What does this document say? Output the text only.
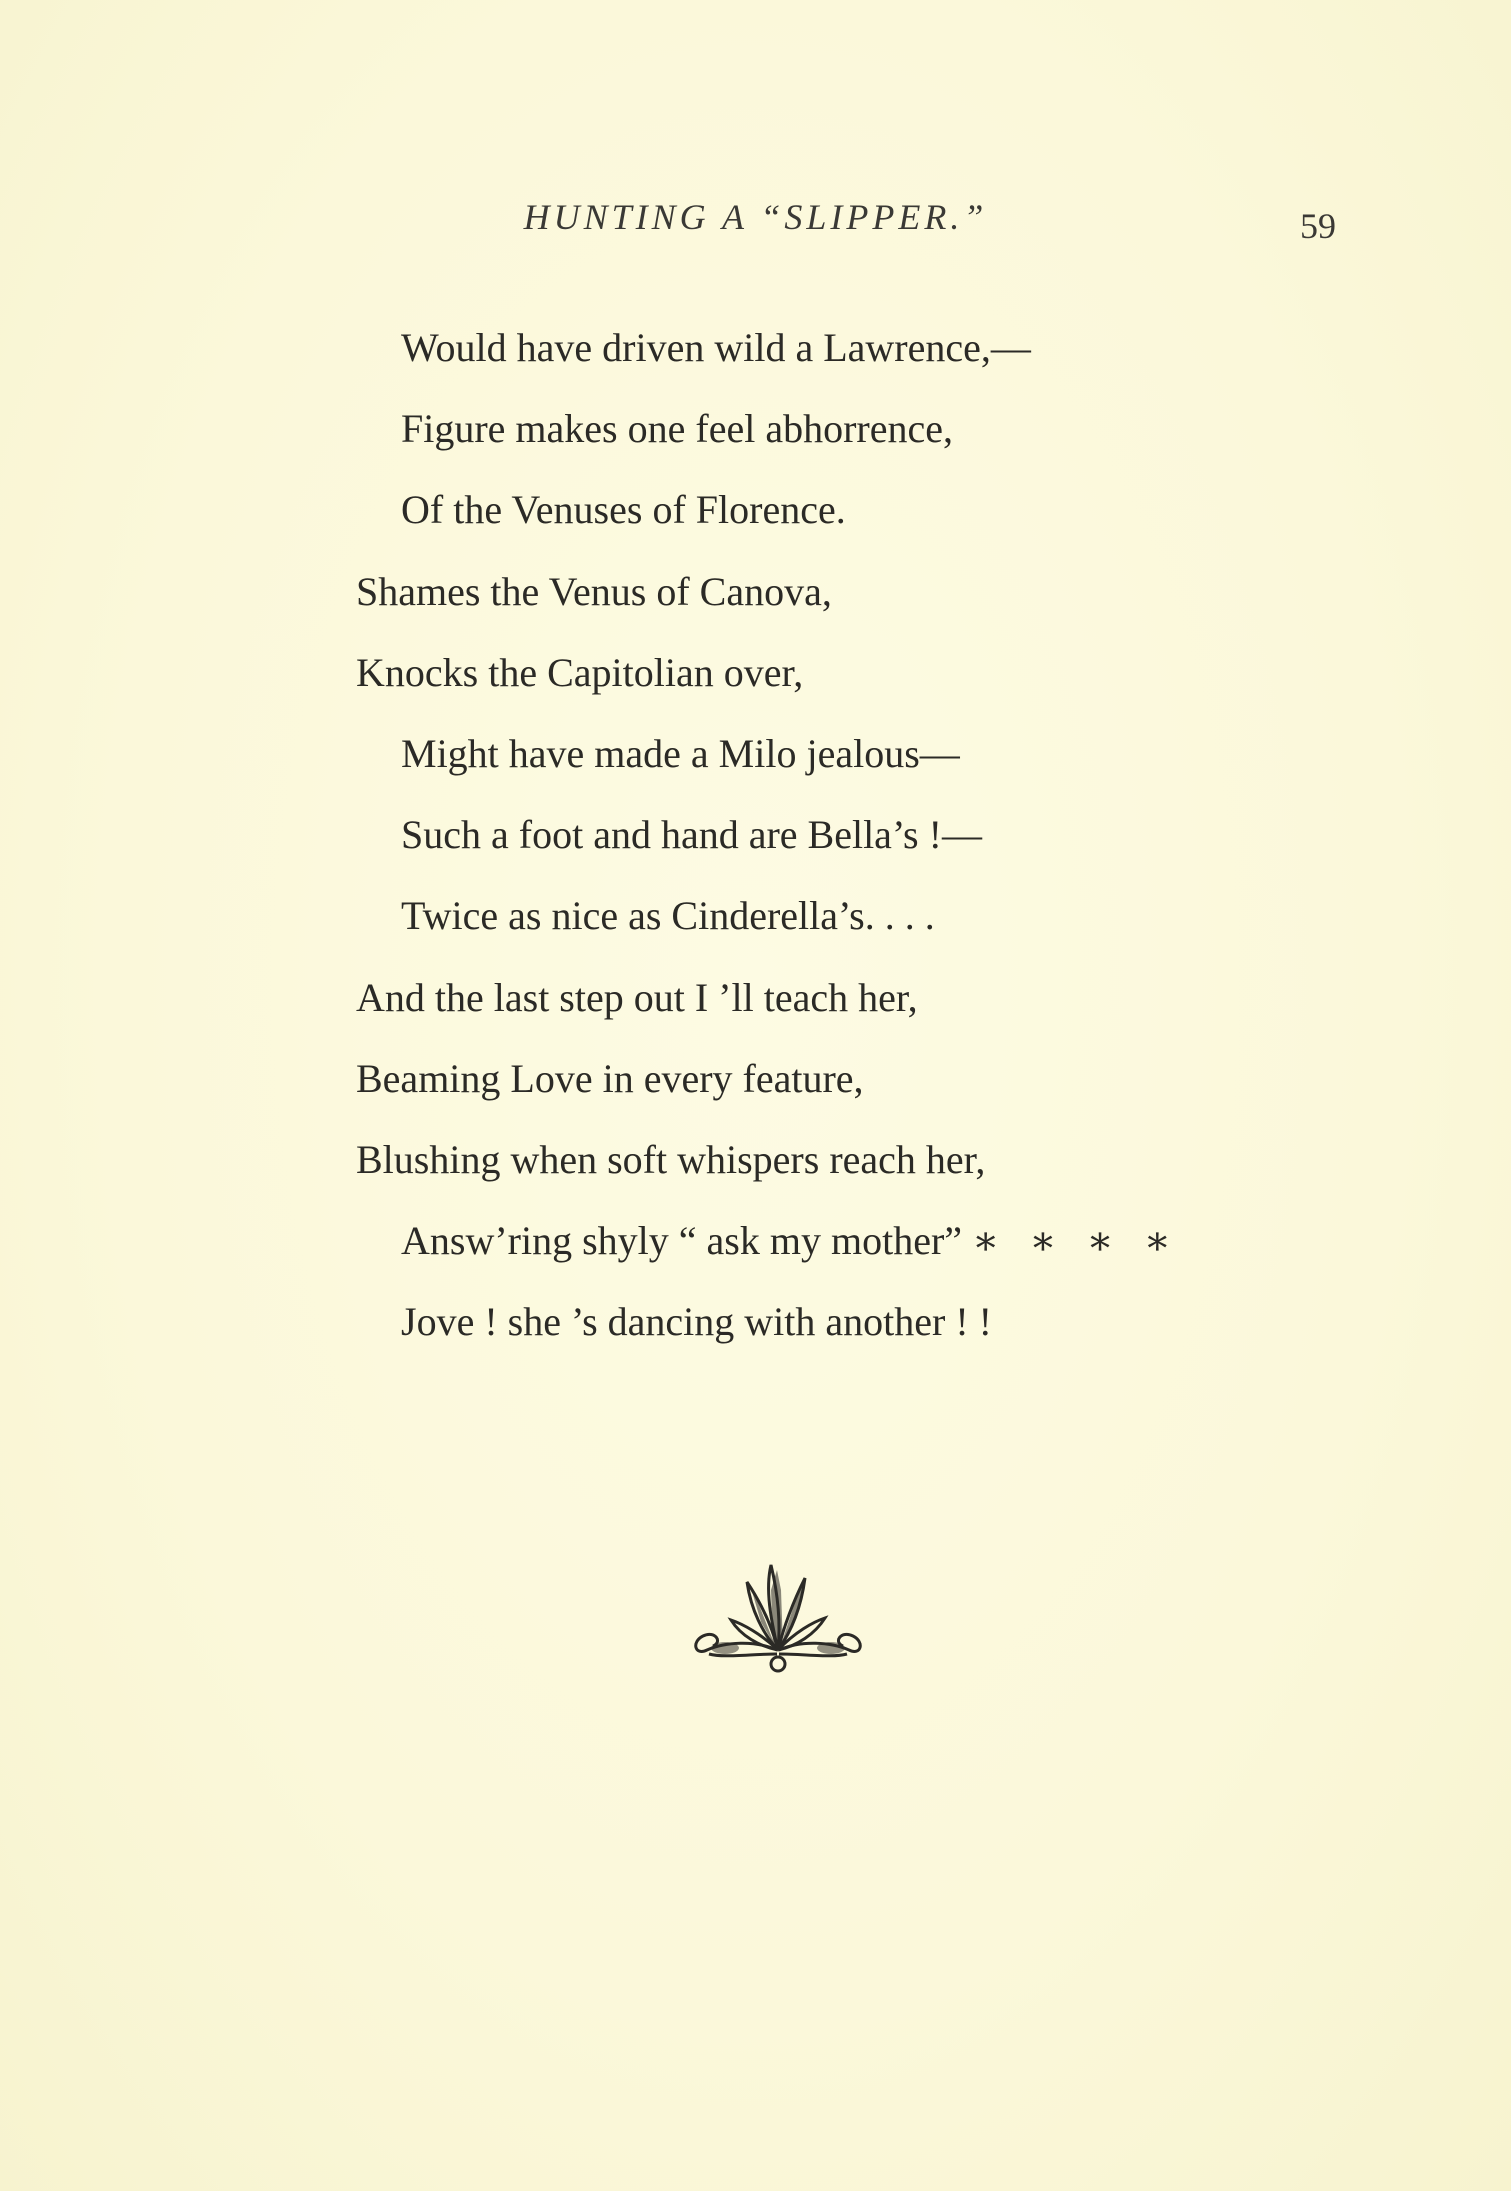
HUNTING A “SLIPPER.”	59
Would have driven wild a Lawrence,—
Figure makes one feel abhorrence,
Of the Venuses of Florence.
Shames the Venus of Canova,
Knocks the Capitolian over,
Might have made a Milo jealous—
Such a foot and hand are Bella’s !—
Twice as nice as Cinderella’s. . . .
And the last step out I ’ll teach her,
Beaming Love in every feature,
Blushing when soft whispers reach her,
Answ’ring shyly “ ask my mother” ∗   ∗   ∗   ∗
Jove ! she ’s dancing with another ! !
